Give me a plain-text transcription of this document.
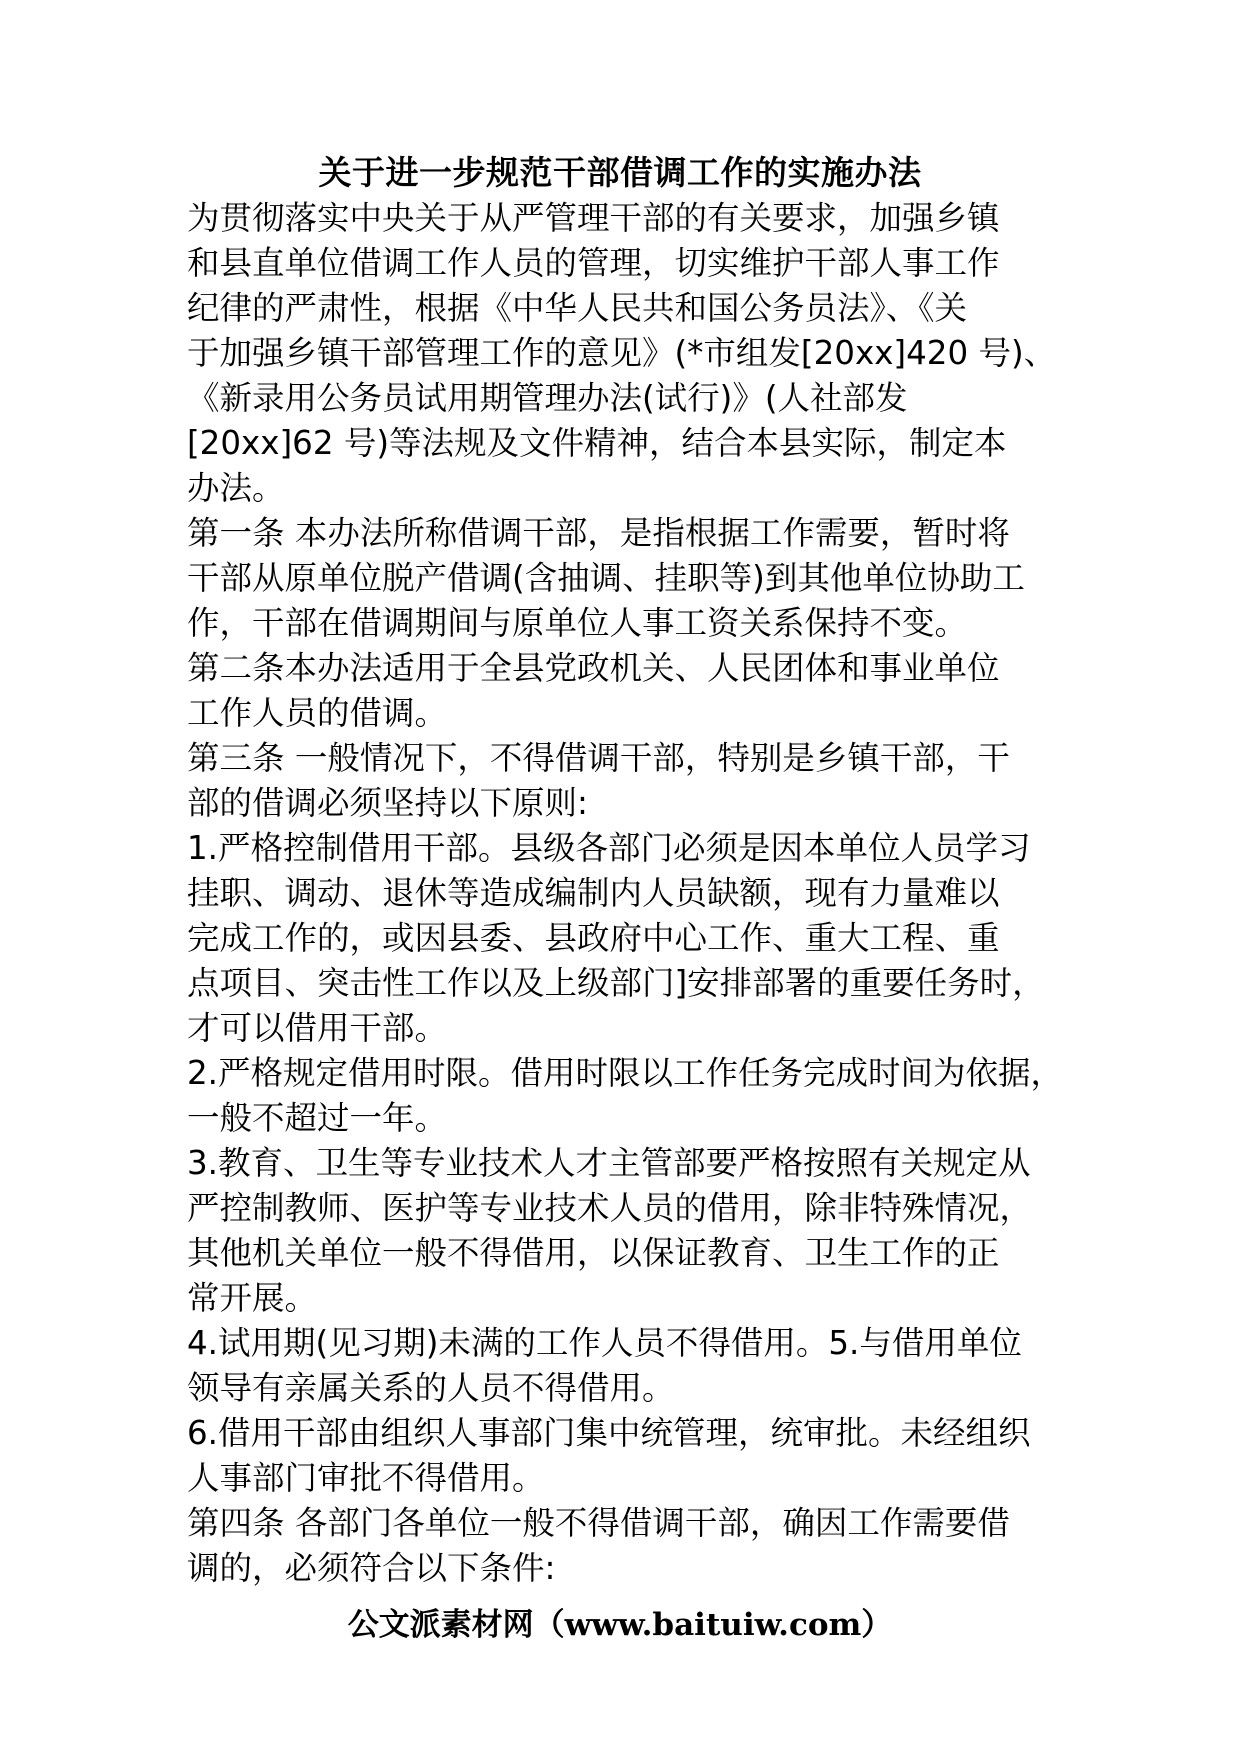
关于进一步规范干部借调工作的实施办法
为贯彻落实中央关于从严管理干部的有关要求，加强乡镇
和县直单位借调工作人员的管理，切实维护干部人事工作
纪律的严肃性，根据《中华人民共和国公务员法》、《关
于加强乡镇干部管理工作的意见》(*市组发[20xx]420 号)、
《新录用公务员试用期管理办法(试行)》(人社部发
[20xx]62 号)等法规及文件精神，结合本县实际，制定本
办法。
第一条 本办法所称借调干部，是指根据工作需要，暂时将
干部从原单位脱产借调(含抽调、挂职等)到其他单位协助工
作，干部在借调期间与原单位人事工资关系保持不变。
第二条本办法适用于全县党政机关、人民团体和事业单位
工作人员的借调。
第三条 一般情况下，不得借调干部，特别是乡镇干部，干
部的借调必须坚持以下原则:
1.严格控制借用干部。县级各部门必须是因本单位人员学习
挂职、调动、退休等造成编制内人员缺额，现有力量难以
完成工作的，或因县委、县政府中心工作、重大工程、重
点项目、突击性工作以及上级部门]安排部署的重要任务时，
才可以借用干部。
2.严格规定借用时限。借用时限以工作任务完成时间为依据，
一般不超过一年。
3.教育、卫生等专业技术人才主管部要严格按照有关规定从
严控制教师、医护等专业技术人员的借用，除非特殊情况，
其他机关单位一般不得借用，以保证教育、卫生工作的正
常开展。
4.试用期(见习期)未满的工作人员不得借用。5.与借用单位
领导有亲属关系的人员不得借用。
6.借用干部由组织人事部门集中统管理，统审批。未经组织
人事部门审批不得借用。
第四条 各部门各单位一般不得借调干部，确因工作需要借
调的，必须符合以下条件:
公文派素材网（www.baituiw.com）
